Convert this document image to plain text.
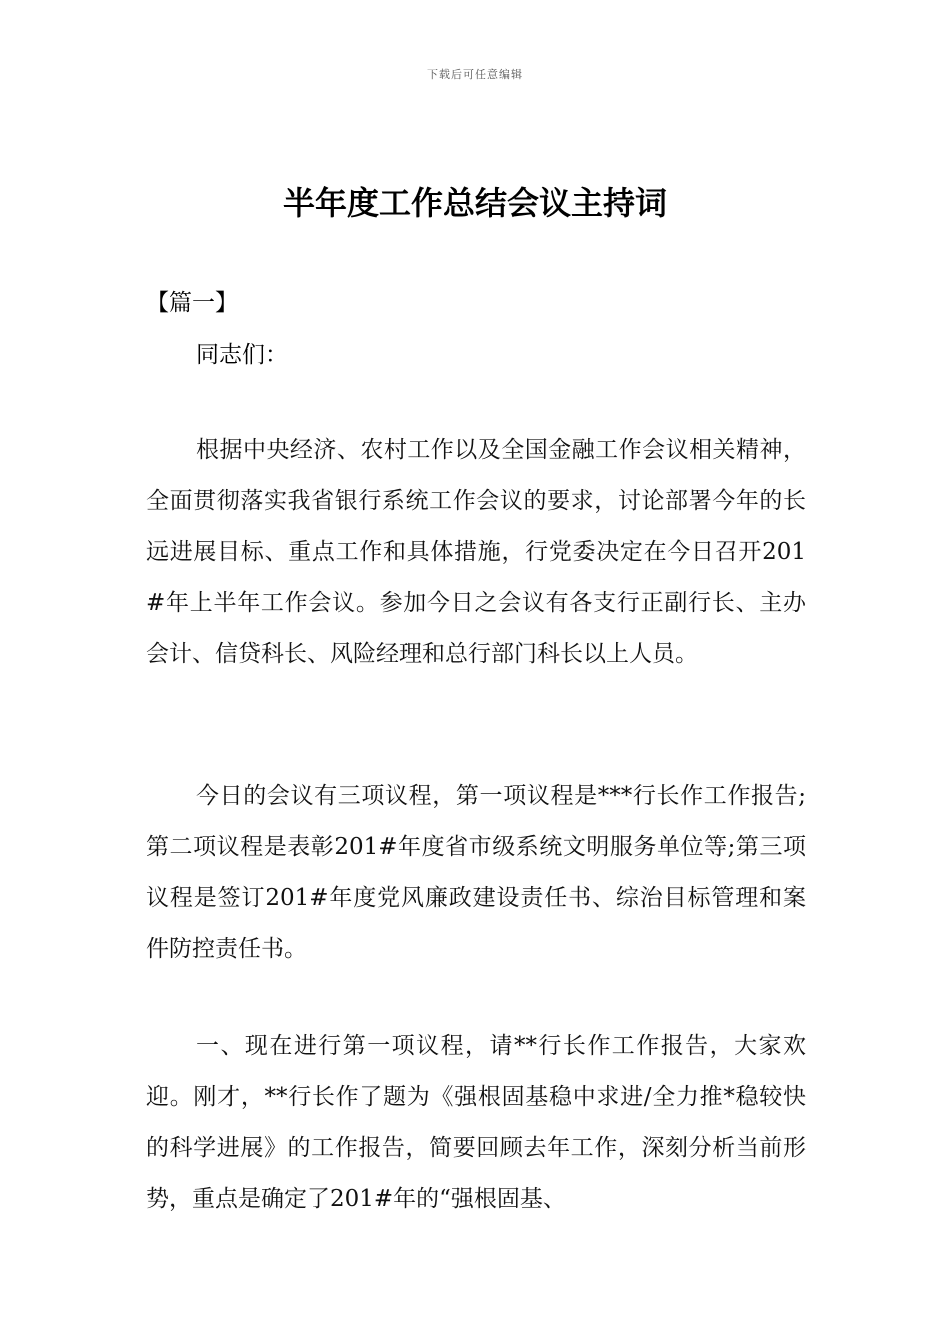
下载后可任意编辑
半年度工作总结会议主持词
【篇一】
同志们：

根据中央经济、农村工作以及全国金融工作会议相关精神，全面贯彻落实我省银行系统工作会议的要求，讨论部署今年的长远进展目标、重点工作和具体措施，行党委决定在今日召开201#年上半年工作会议。参加今日之会议有各支行正副行长、主办会计、信贷科长、风险经理和总行部门科长以上人员。

今日的会议有三项议程，第一项议程是***行长作工作报告;第二项议程是表彰201#年度省市级系统文明服务单位等;第三项议程是签订201#年度党风廉政建设责任书、综治目标管理和案件防控责任书。

一、现在进行第一项议程，请**行长作工作报告，大家欢迎。刚才，**行长作了题为《强根固基稳中求进/全力推*稳较快的科学进展》的工作报告，简要回顾去年工作，深刻分析当前形势，重点是确定了201#年的“强根固基、
